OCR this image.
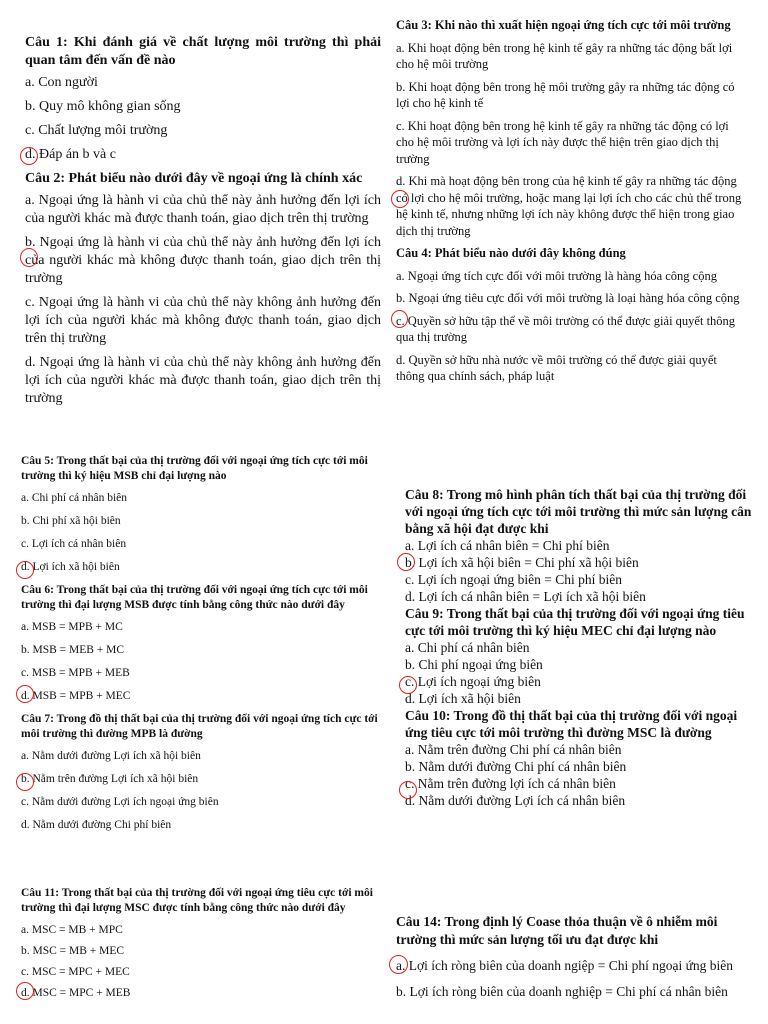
Câu 1: Khi đánh giá về chất lượng môi trường thì phải quan tâm đến vấn đề nào

a. Con người

b. Quy mô không gian sống

c. Chất lượng môi trường

d. Đáp án b và c

Câu 2: Phát biểu nào dưới đây về ngoại ứng là chính xác

a. Ngoại ứng là hành vi của chủ thể này ảnh hưởng đến lợi ích của người khác mà được thanh toán, giao dịch trên thị trường

b. Ngoại ứng là hành vi của chủ thể này ảnh hưởng đến lợi ích của người khác mà không được thanh toán, giao dịch trên thị trường

c. Ngoại ứng là hành vi của chủ thể này không ảnh hưởng đến lợi ích của người khác mà không được thanh toán, giao dịch trên thị trường

d. Ngoại ứng là hành vi của chủ thể này không ảnh hưởng đến lợi ích của người khác mà được thanh toán, giao dịch trên thị trường

Câu 3: Khi nào thì xuất hiện ngoại ứng tích cực tới môi trường

a. Khi hoạt động bên trong hệ kinh tế gây ra những tác động bất lợi cho hệ môi trường

b. Khi hoạt động bên trong hệ môi trường gây ra những tác động có lợi cho hệ kinh tế

c. Khi hoạt động bên trong hệ kinh tế gây ra những tác động có lợi cho hệ môi trường và lợi ích này được thể hiện trên giao dịch thị trường

d. Khi mà hoạt động bên trong của hệ kinh tế gây ra những tác động có lợi cho hệ môi trường, hoặc mang lại lợi ích cho các chủ thể trong hệ kinh tế, nhưng những lợi ích này không được thể hiện trong giao dịch thị trường

Câu 4: Phát biểu nào dưới đây không đúng

a. Ngoại ứng tích cực đối với môi trường là hàng hóa công cộng

b. Ngoại ứng tiêu cực đối với môi trường là loại hàng hóa công cộng

c. Quyền sở hữu tập thể về môi trường có thể được giải quyết thông qua thị trường

d. Quyền sở hữu nhà nước về môi trường có thể được giải quyết thông qua chính sách, pháp luật

Câu 5: Trong thất bại của thị trường đối với ngoại ứng tích cực tới môi trường thì ký hiệu MSB chỉ đại lượng nào

a. Chi phí cá nhân biên

b. Chi phí xã hội biên

c. Lợi ích cá nhân biên

d. Lợi ích xã hội biên

Câu 6: Trong thất bại của thị trường đối với ngoại ứng tích cực tới môi trường thì đại lượng MSB được tính bằng công thức nào dưới đây

a. MSB = MPB + MC

b. MSB = MEB + MC

c. MSB = MPB + MEB

d. MSB = MPB + MEC

Câu 7: Trong đồ thị thất bại của thị trường đối với ngoại ứng tích cực tới môi trường thì đường MPB là đường

a. Nằm dưới đường Lợi ích xã hội biên

b. Nằm trên đường Lợi ích xã hội biên

c. Nằm dưới đường Lợi ích ngoại ứng biên

d. Nằm dưới đường Chi phí biên

Câu 8: Trong mô hình phân tích thất bại của thị trường đối với ngoại ứng tích cực tới môi trường thì mức sản lượng cân bằng xã hội đạt được khi

a. Lợi ích cá nhân biên = Chi phí biên

b. Lợi ích xã hội biên = Chi phí xã hội biên

c. Lợi ích ngoại ứng biên = Chi phí biên

d. Lợi ích cá nhân biên = Lợi ích xã hội biên

Câu 9: Trong thất bại của thị trường đối với ngoại ứng tiêu cực tới môi trường thì ký hiệu MEC chỉ đại lượng nào

a. Chi phí cá nhân biên

b. Chi phí ngoại ứng biên

c. Lợi ích ngoại ứng biên

d. Lợi ích xã hội biên

Câu 10: Trong đồ thị thất bại của thị trường đối với ngoại ứng tiêu cực tới môi trường thì đường MSC là đường

a. Nằm trên đường Chi phí cá nhân biên

b. Nằm dưới đường Chi phí cá nhân biên

c. Nằm trên đường lợi ích cá nhân biên

d. Nằm dưới đường Lợi ích cá nhân biên

Câu 11: Trong thất bại của thị trường đối với ngoại ứng tiêu cực tới môi trường thì đại lượng MSC được tính bằng công thức nào dưới đây

a. MSC = MB + MPC

b. MSC = MB + MEC

c. MSC = MPC + MEC

d. MSC = MPC + MEB

Câu 14: Trong định lý Coase thỏa thuận về ô nhiễm môi trường thì mức sản lượng tối ưu đạt được khi

a. Lợi ích ròng biên của doanh ngiệp = Chi phí ngoại ứng biên

b. Lợi ích ròng biên của doanh nghiệp = Chi phí cá nhân biên
